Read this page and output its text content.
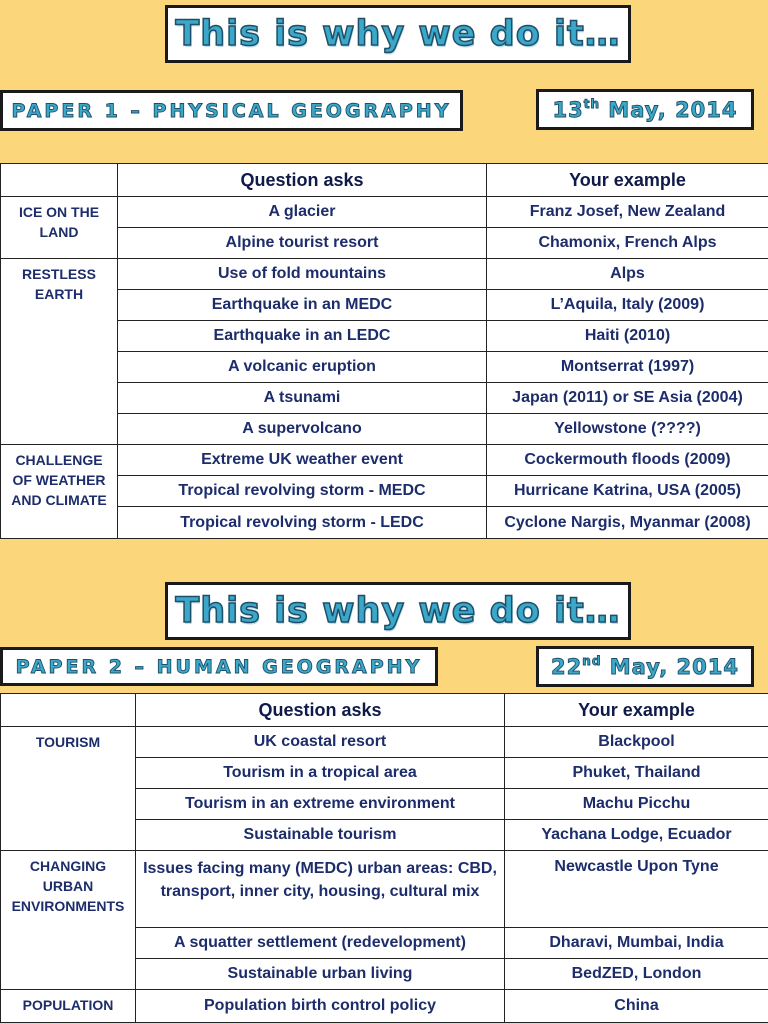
This is why we do it…
PAPER 1 – PHYSICAL GEOGRAPHY	13th May, 2014
	Question asks	Your example
ICE ON THE LAND	A glacier	Franz Josef, New Zealand
	Alpine tourist resort	Chamonix, French Alps
RESTLESS EARTH	Use of fold mountains	Alps
	Earthquake in an MEDC	L’Aquila, Italy (2009)
	Earthquake in an LEDC	Haiti (2010)
	A volcanic eruption	Montserrat (1997)
	A tsunami	Japan (2011) or SE Asia (2004)
	A supervolcano	Yellowstone (????)
CHALLENGE OF WEATHER AND CLIMATE	Extreme UK weather event	Cockermouth floods (2009)
	Tropical revolving storm - MEDC	Hurricane Katrina, USA (2005)
	Tropical revolving storm - LEDC	Cyclone Nargis, Myanmar (2008)
This is why we do it…
PAPER 2 – HUMAN GEOGRAPHY	22nd May, 2014
	Question asks	Your example
TOURISM	UK coastal resort	Blackpool
	Tourism in a tropical area	Phuket, Thailand
	Tourism in an extreme environment	Machu Picchu
	Sustainable tourism	Yachana Lodge, Ecuador
CHANGING URBAN ENVIRONMENTS	Issues facing many (MEDC) urban areas: CBD, transport, inner city, housing, cultural mix	Newcastle Upon Tyne
	A squatter settlement (redevelopment)	Dharavi, Mumbai, India
	Sustainable urban living	BedZED, London
POPULATION	Population birth control policy	China
